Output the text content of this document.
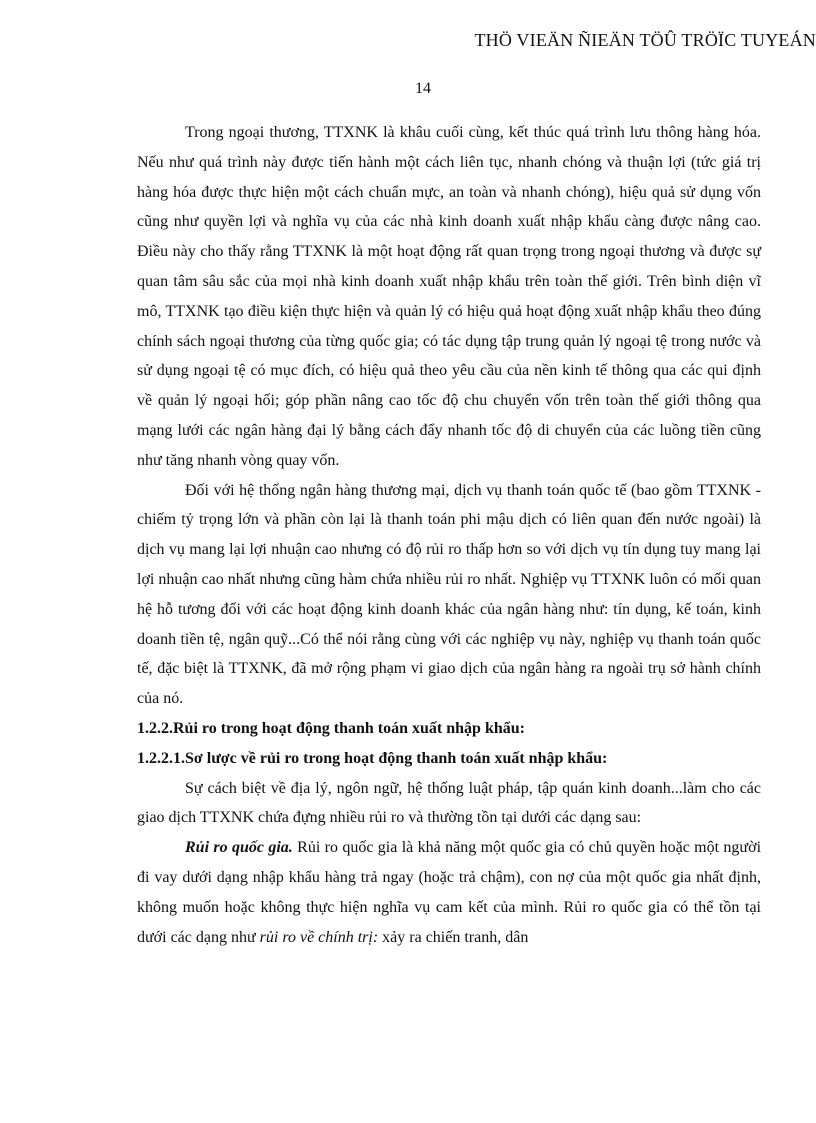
THÖ VIEÄN ÑIEÄN TÖÛ TRÖÏC TUYEÁN
14

Trong ngoại thương, TTXNK là khâu cuối cùng, kết thúc quá trình lưu thông hàng hóa. Nếu như quá trình này được tiến hành một cách liên tục, nhanh chóng và thuận lợi (tức giá trị hàng hóa được thực hiện một cách chuẩn mực, an toàn và nhanh chóng), hiệu quả sử dụng vốn cũng như quyền lợi và nghĩa vụ của các nhà kinh doanh xuất nhập khẩu càng được nâng cao. Điều này cho thấy rằng TTXNK là một hoạt động rất quan trọng trong ngoại thương và được sự quan tâm sâu sắc của mọi nhà kinh doanh xuất nhập khẩu trên toàn thế giới. Trên bình diện vĩ mô, TTXNK tạo điều kiện thực hiện và quản lý có hiệu quả hoạt động xuất nhập khẩu theo đúng chính sách ngoại thương của từng quốc gia; có tác dụng tập trung quản lý ngoại tệ trong nước và sử dụng ngoại tệ có mục đích, có hiệu quả theo yêu cầu của nền kinh tế thông qua các qui định về quản lý ngoại hối; góp phần nâng cao tốc độ chu chuyển vốn trên toàn thế giới thông qua mạng lưới các ngân hàng đại lý bằng cách đẩy nhanh tốc độ di chuyển của các luồng tiền cũng như tăng nhanh vòng quay vốn.

Đối với hệ thống ngân hàng thương mại, dịch vụ thanh toán quốc tế (bao gồm TTXNK - chiếm tỷ trọng lớn và phần còn lại là thanh toán phi mậu dịch có liên quan đến nước ngoài) là dịch vụ mang lại lợi nhuận cao nhưng có độ rủi ro thấp hơn so với dịch vụ tín dụng tuy mang lại lợi nhuận cao nhất nhưng cũng hàm chứa nhiều rủi ro nhất. Nghiệp vụ TTXNK luôn có mối quan hệ hỗ tương đối với các hoạt động kinh doanh khác của ngân hàng như: tín dụng, kế toán, kinh doanh tiền tệ, ngân quỹ...Có thể nói rằng cùng với các nghiệp vụ này, nghiệp vụ thanh toán quốc tế, đặc biệt là TTXNK, đã mở rộng phạm vi giao dịch của ngân hàng ra ngoài trụ sở hành chính của nó.

1.2.2.Rủi ro trong hoạt động thanh toán xuất nhập khẩu:

1.2.2.1.Sơ lược về rủi ro trong hoạt động thanh toán xuất nhập khẩu:

Sự cách biệt về địa lý, ngôn ngữ, hệ thống luật pháp, tập quán kinh doanh...làm cho các giao dịch TTXNK chứa đựng nhiều rủi ro và thường tồn tại dưới các dạng sau:

Rủi ro quốc gia. Rủi ro quốc gia là khả năng một quốc gia có chủ quyền hoặc một người đi vay dưới dạng nhập khẩu hàng trả ngay (hoặc trả chậm), con nợ của một quốc gia nhất định, không muốn hoặc không thực hiện nghĩa vụ cam kết của mình. Rủi ro quốc gia có thể tồn tại dưới các dạng như rủi ro về chính trị: xảy ra chiến tranh, dân
